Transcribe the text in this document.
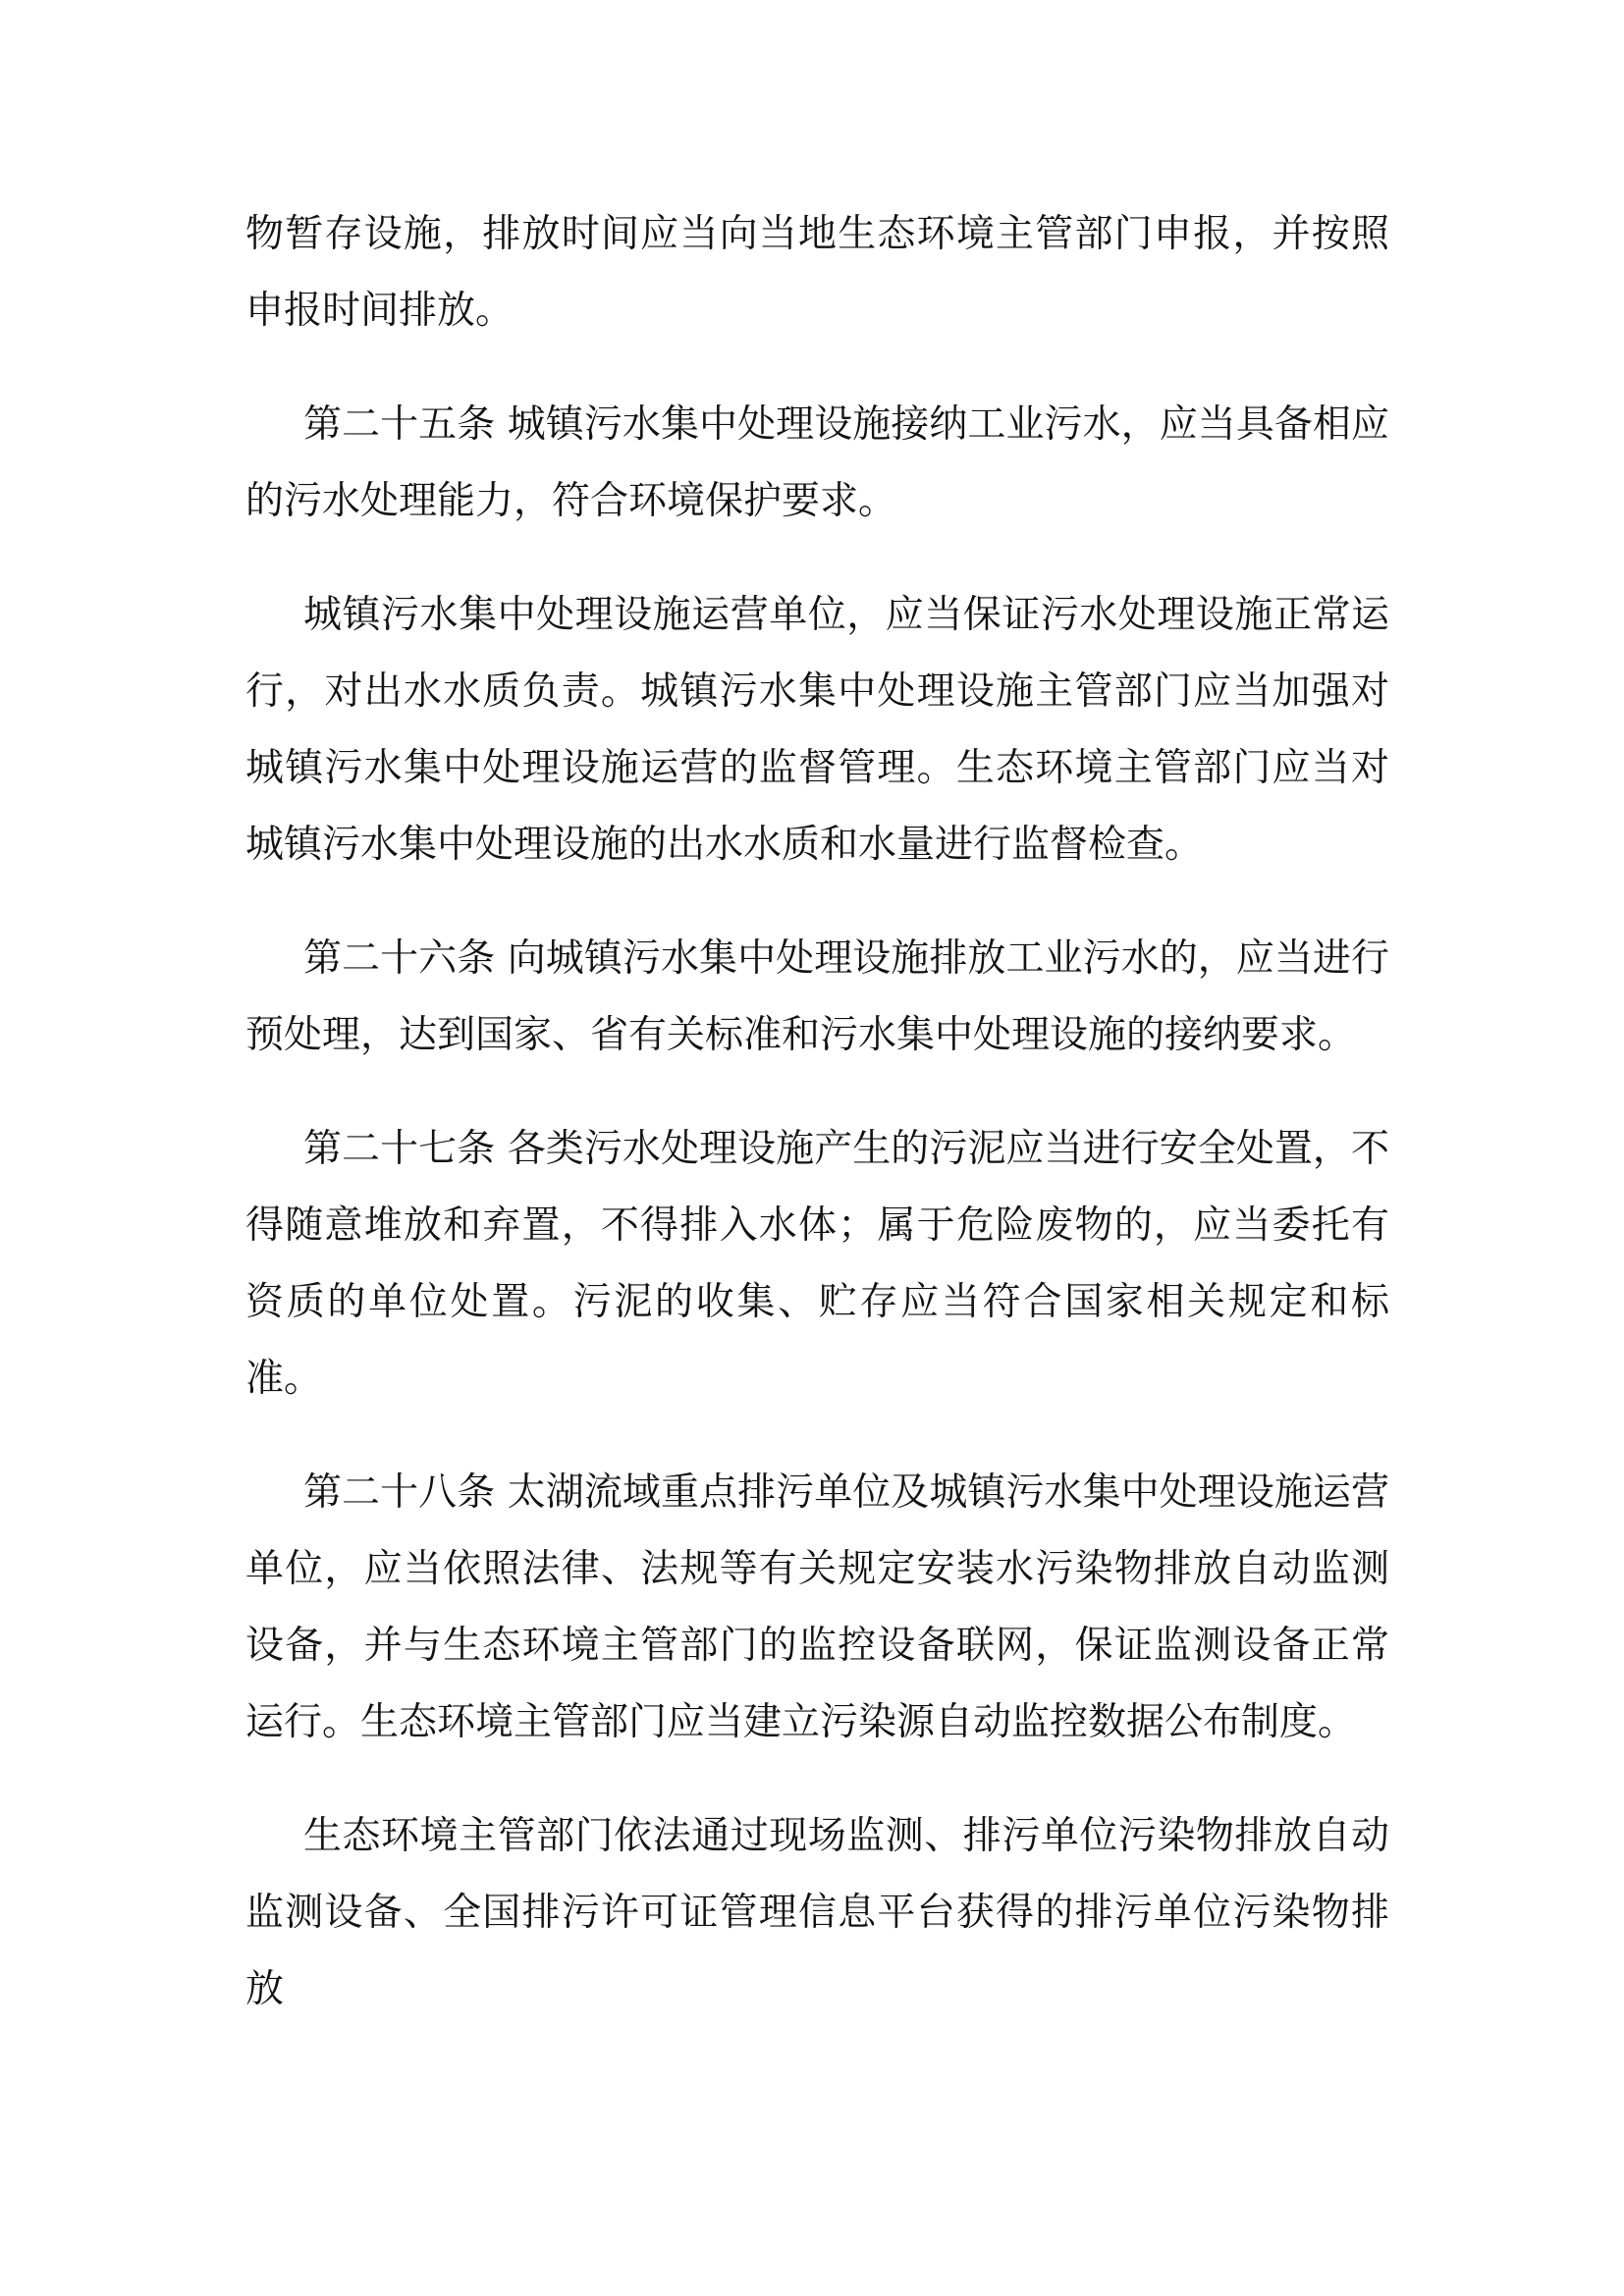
物暂存设施，排放时间应当向当地生态环境主管部门申报，并按照申报时间排放。

第二十五条 城镇污水集中处理设施接纳工业污水，应当具备相应的污水处理能力，符合环境保护要求。

城镇污水集中处理设施运营单位，应当保证污水处理设施正常运行，对出水水质负责。城镇污水集中处理设施主管部门应当加强对城镇污水集中处理设施运营的监督管理。生态环境主管部门应当对城镇污水集中处理设施的出水水质和水量进行监督检查。

第二十六条 向城镇污水集中处理设施排放工业污水的，应当进行预处理，达到国家、省有关标准和污水集中处理设施的接纳要求。

第二十七条 各类污水处理设施产生的污泥应当进行安全处置，不得随意堆放和弃置，不得排入水体；属于危险废物的，应当委托有资质的单位处置。污泥的收集、贮存应当符合国家相关规定和标准。

第二十八条 太湖流域重点排污单位及城镇污水集中处理设施运营单位，应当依照法律、法规等有关规定安装水污染物排放自动监测设备，并与生态环境主管部门的监控设备联网，保证监测设备正常运行。生态环境主管部门应当建立污染源自动监控数据公布制度。

生态环境主管部门依法通过现场监测、排污单位污染物排放自动监测设备、全国排污许可证管理信息平台获得的排污单位污染物排放
